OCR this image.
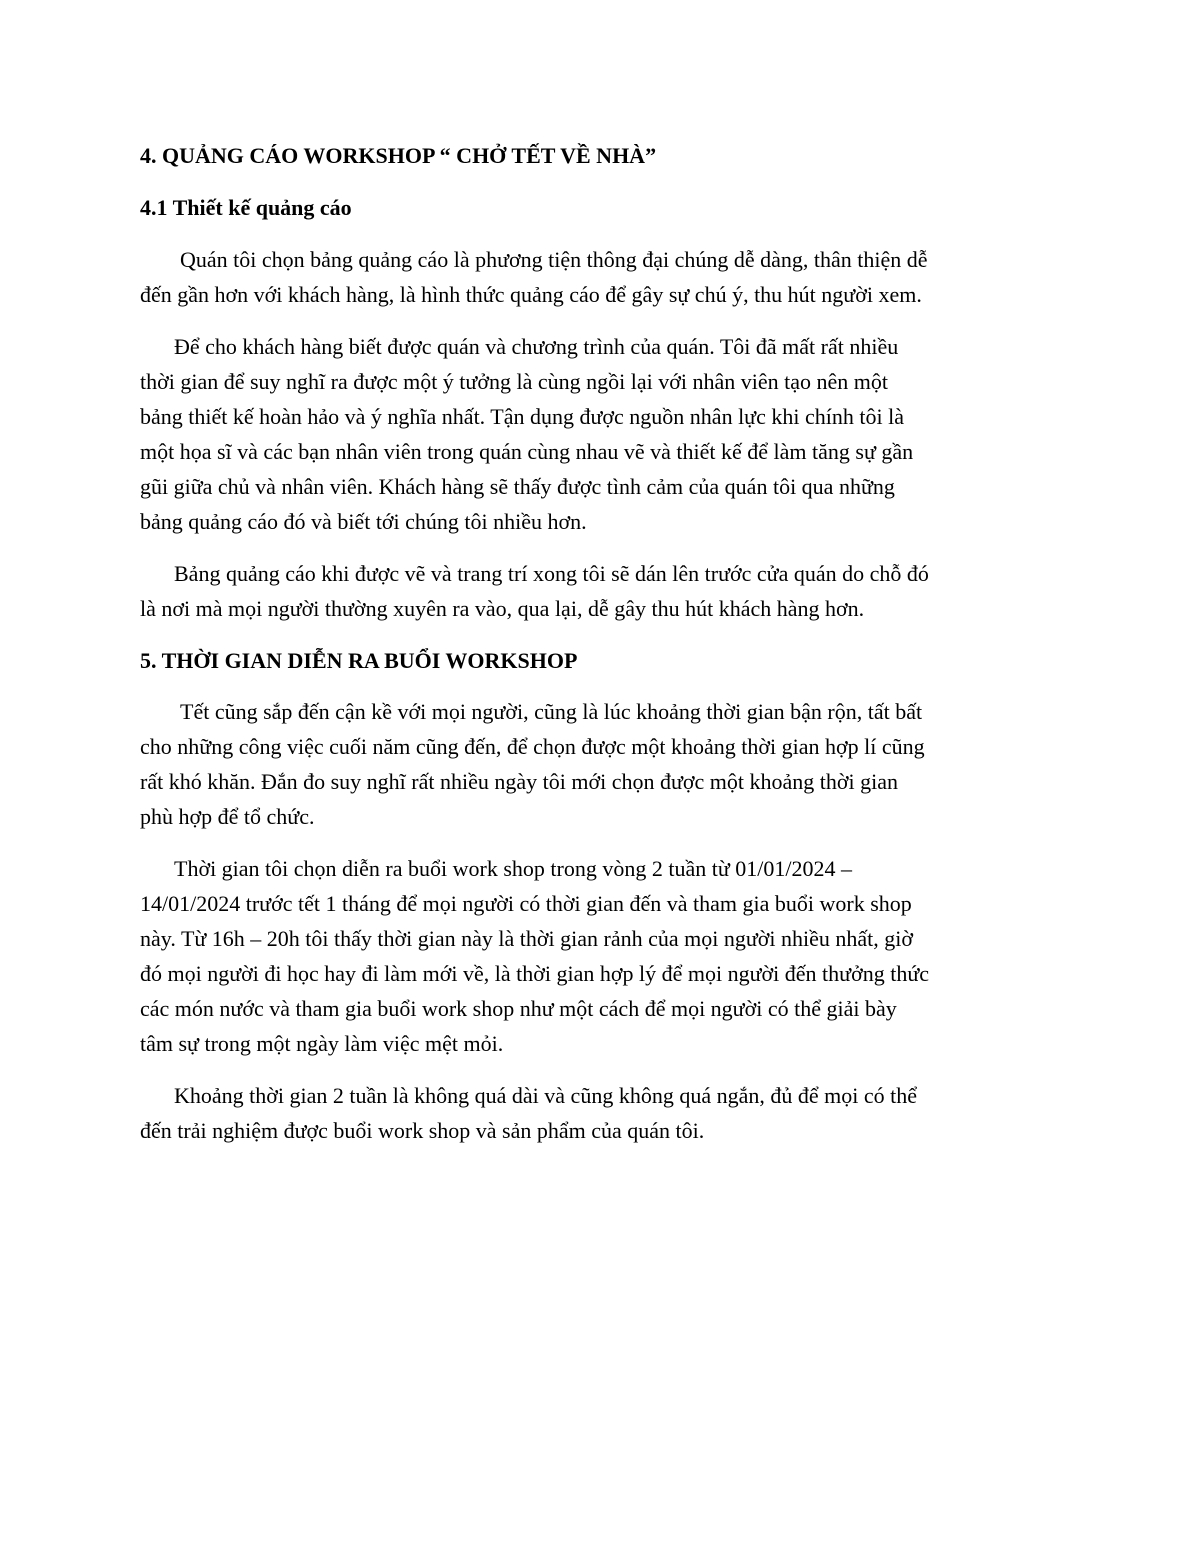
4. QUẢNG CÁO WORKSHOP “ CHỞ TẾT VỀ NHÀ”
4.1 Thiết kế quảng cáo

Quán tôi chọn bảng quảng cáo là phương tiện thông đại chúng dễ dàng, thân thiện dễ
đến gần hơn với khách hàng, là hình thức quảng cáo để gây sự chú ý, thu hút người xem.

Để cho khách hàng biết được quán và chương trình của quán. Tôi đã mất rất nhiều
thời gian để suy nghĩ ra được một ý tưởng là cùng ngồi lại với nhân viên tạo nên một
bảng thiết kế hoàn hảo và ý nghĩa nhất. Tận dụng được nguồn nhân lực khi chính tôi là
một họa sĩ và các bạn nhân viên trong quán cùng nhau vẽ và thiết kế để làm tăng sự gần
gũi giữa chủ và nhân viên. Khách hàng sẽ thấy được tình cảm của quán tôi qua những
bảng quảng cáo đó và biết tới chúng tôi nhiều hơn.

Bảng quảng cáo khi được vẽ và trang trí xong tôi sẽ dán lên trước cửa quán do chỗ đó
là nơi mà mọi người thường xuyên ra vào, qua lại, dễ gây thu hút khách hàng hơn.

5. THỜI GIAN DIỄN RA BUỔI WORKSHOP

Tết cũng sắp đến cận kề với mọi người, cũng là lúc khoảng thời gian bận rộn, tất bất
cho những công việc cuối năm cũng đến, để chọn được một khoảng thời gian hợp lí cũng
rất khó khăn. Đắn đo suy nghĩ rất nhiều ngày tôi mới chọn được một khoảng thời gian
phù hợp để tổ chức.

Thời gian tôi chọn diễn ra buổi work shop trong vòng 2 tuần từ 01/01/2024 –
14/01/2024 trước tết 1 tháng để mọi người có thời gian đến và tham gia buổi work shop
này. Từ 16h – 20h tôi thấy thời gian này là thời gian rảnh của mọi người nhiều nhất, giờ
đó mọi người đi học hay đi làm mới về, là thời gian hợp lý để mọi người đến thưởng thức
các món nước và tham gia buổi work shop như một cách để mọi người có thể giải bày
tâm sự trong một ngày làm việc mệt mỏi.

Khoảng thời gian 2 tuần là không quá dài và cũng không quá ngắn, đủ để mọi có thể
đến trải nghiệm được buổi work shop và sản phẩm của quán tôi.
